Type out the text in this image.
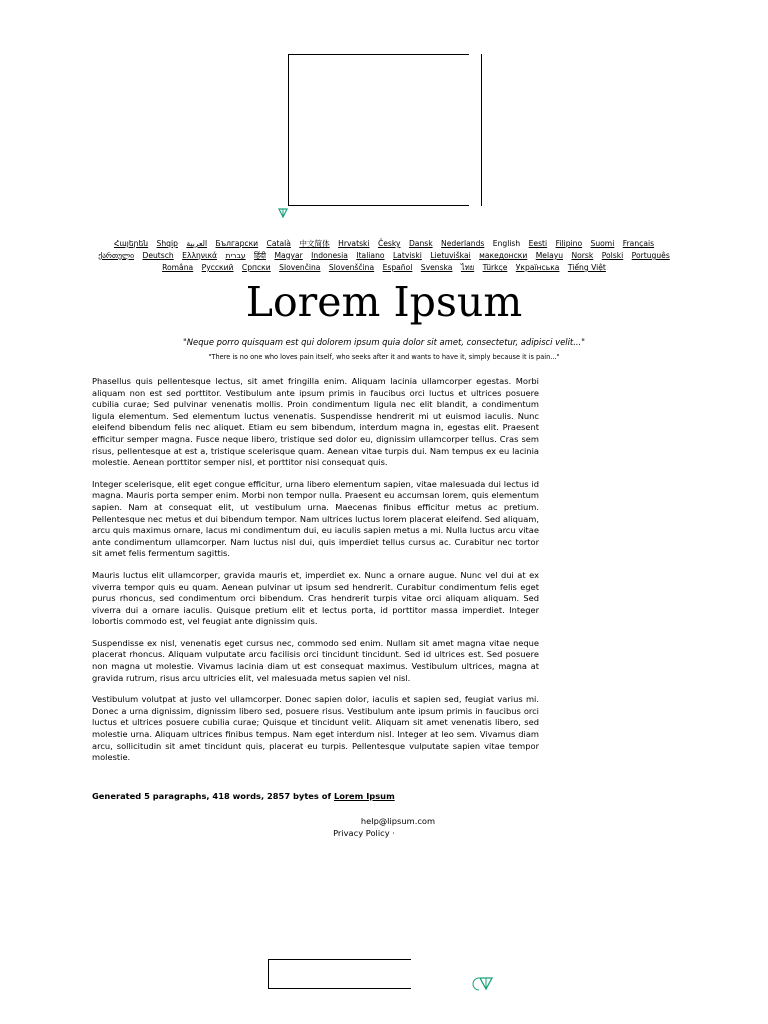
Հայերեն Shqip العربية Български Català 中文简体 Hrvatski Česky Dansk Nederlands English Eesti Filipino Suomi Français ქართული Deutsch Ελληνικά עברית हिंदी Magyar Indonesia Italiano Latviski Lietuviškai македонски Melayu Norsk Polski Português Româna Pyccкий Српски Slovenčina Slovenščina Español Svenska ไทย Türkçe Українська Tiếng Việt
Lorem Ipsum
"Neque porro quisquam est qui dolorem ipsum quia dolor sit amet, consectetur, adipisci velit..."
"There is no one who loves pain itself, who seeks after it and wants to have it, simply because it is pain..."

Phasellus quis pellentesque lectus, sit amet fringilla enim. Aliquam lacinia ullamcorper egestas. Morbi aliquam non est sed porttitor. Vestibulum ante ipsum primis in faucibus orci luctus et ultrices posuere cubilia curae; Sed pulvinar venenatis mollis. Proin condimentum ligula nec elit blandit, a condimentum ligula elementum. Sed elementum luctus venenatis. Suspendisse hendrerit mi ut euismod iaculis. Nunc eleifend bibendum felis nec aliquet. Etiam eu sem bibendum, interdum magna in, egestas elit. Praesent efficitur semper magna. Fusce neque libero, tristique sed dolor eu, dignissim ullamcorper tellus. Cras sem risus, pellentesque at est a, tristique scelerisque quam. Aenean vitae turpis dui. Nam tempus ex eu lacinia molestie. Aenean porttitor semper nisl, et porttitor nisi consequat quis.

Integer scelerisque, elit eget congue efficitur, urna libero elementum sapien, vitae malesuada dui lectus id magna. Mauris porta semper enim. Morbi non tempor nulla. Praesent eu accumsan lorem, quis elementum sapien. Nam at consequat elit, ut vestibulum urna. Maecenas finibus efficitur metus ac pretium. Pellentesque nec metus et dui bibendum tempor. Nam ultrices luctus lorem placerat eleifend. Sed aliquam, arcu quis maximus ornare, lacus mi condimentum dui, eu iaculis sapien metus a mi. Nulla luctus arcu vitae ante condimentum ullamcorper. Nam luctus nisl dui, quis imperdiet tellus cursus ac. Curabitur nec tortor sit amet felis fermentum sagittis.

Mauris luctus elit ullamcorper, gravida mauris et, imperdiet ex. Nunc a ornare augue. Nunc vel dui at ex viverra tempor quis eu quam. Aenean pulvinar ut ipsum sed hendrerit. Curabitur condimentum felis eget purus rhoncus, sed condimentum orci bibendum. Cras hendrerit turpis vitae orci aliquam aliquam. Sed viverra dui a ornare iaculis. Quisque pretium elit et lectus porta, id porttitor massa imperdiet. Integer lobortis commodo est, vel feugiat ante dignissim quis.

Suspendisse ex nisl, venenatis eget cursus nec, commodo sed enim. Nullam sit amet magna vitae neque placerat rhoncus. Aliquam vulputate arcu facilisis orci tincidunt tincidunt. Sed id ultrices est. Sed posuere non magna ut molestie. Vivamus lacinia diam ut est consequat maximus. Vestibulum ultrices, magna at gravida rutrum, risus arcu ultricies elit, vel malesuada metus sapien vel nisl.

Vestibulum volutpat at justo vel ullamcorper. Donec sapien dolor, iaculis et sapien sed, feugiat varius mi. Donec a urna dignissim, dignissim libero sed, posuere risus. Vestibulum ante ipsum primis in faucibus orci luctus et ultrices posuere cubilia curae; Quisque et tincidunt velit. Aliquam sit amet venenatis libero, sed molestie urna. Aliquam ultrices finibus tempus. Nam eget interdum nisl. Integer at leo sem. Vivamus diam arcu, sollicitudin sit amet tincidunt quis, placerat eu turpis. Pellentesque vulputate sapien vitae tempor molestie.

Generated 5 paragraphs, 418 words, 2857 bytes of Lorem Ipsum
help@lipsum.com
Privacy Policy ·
